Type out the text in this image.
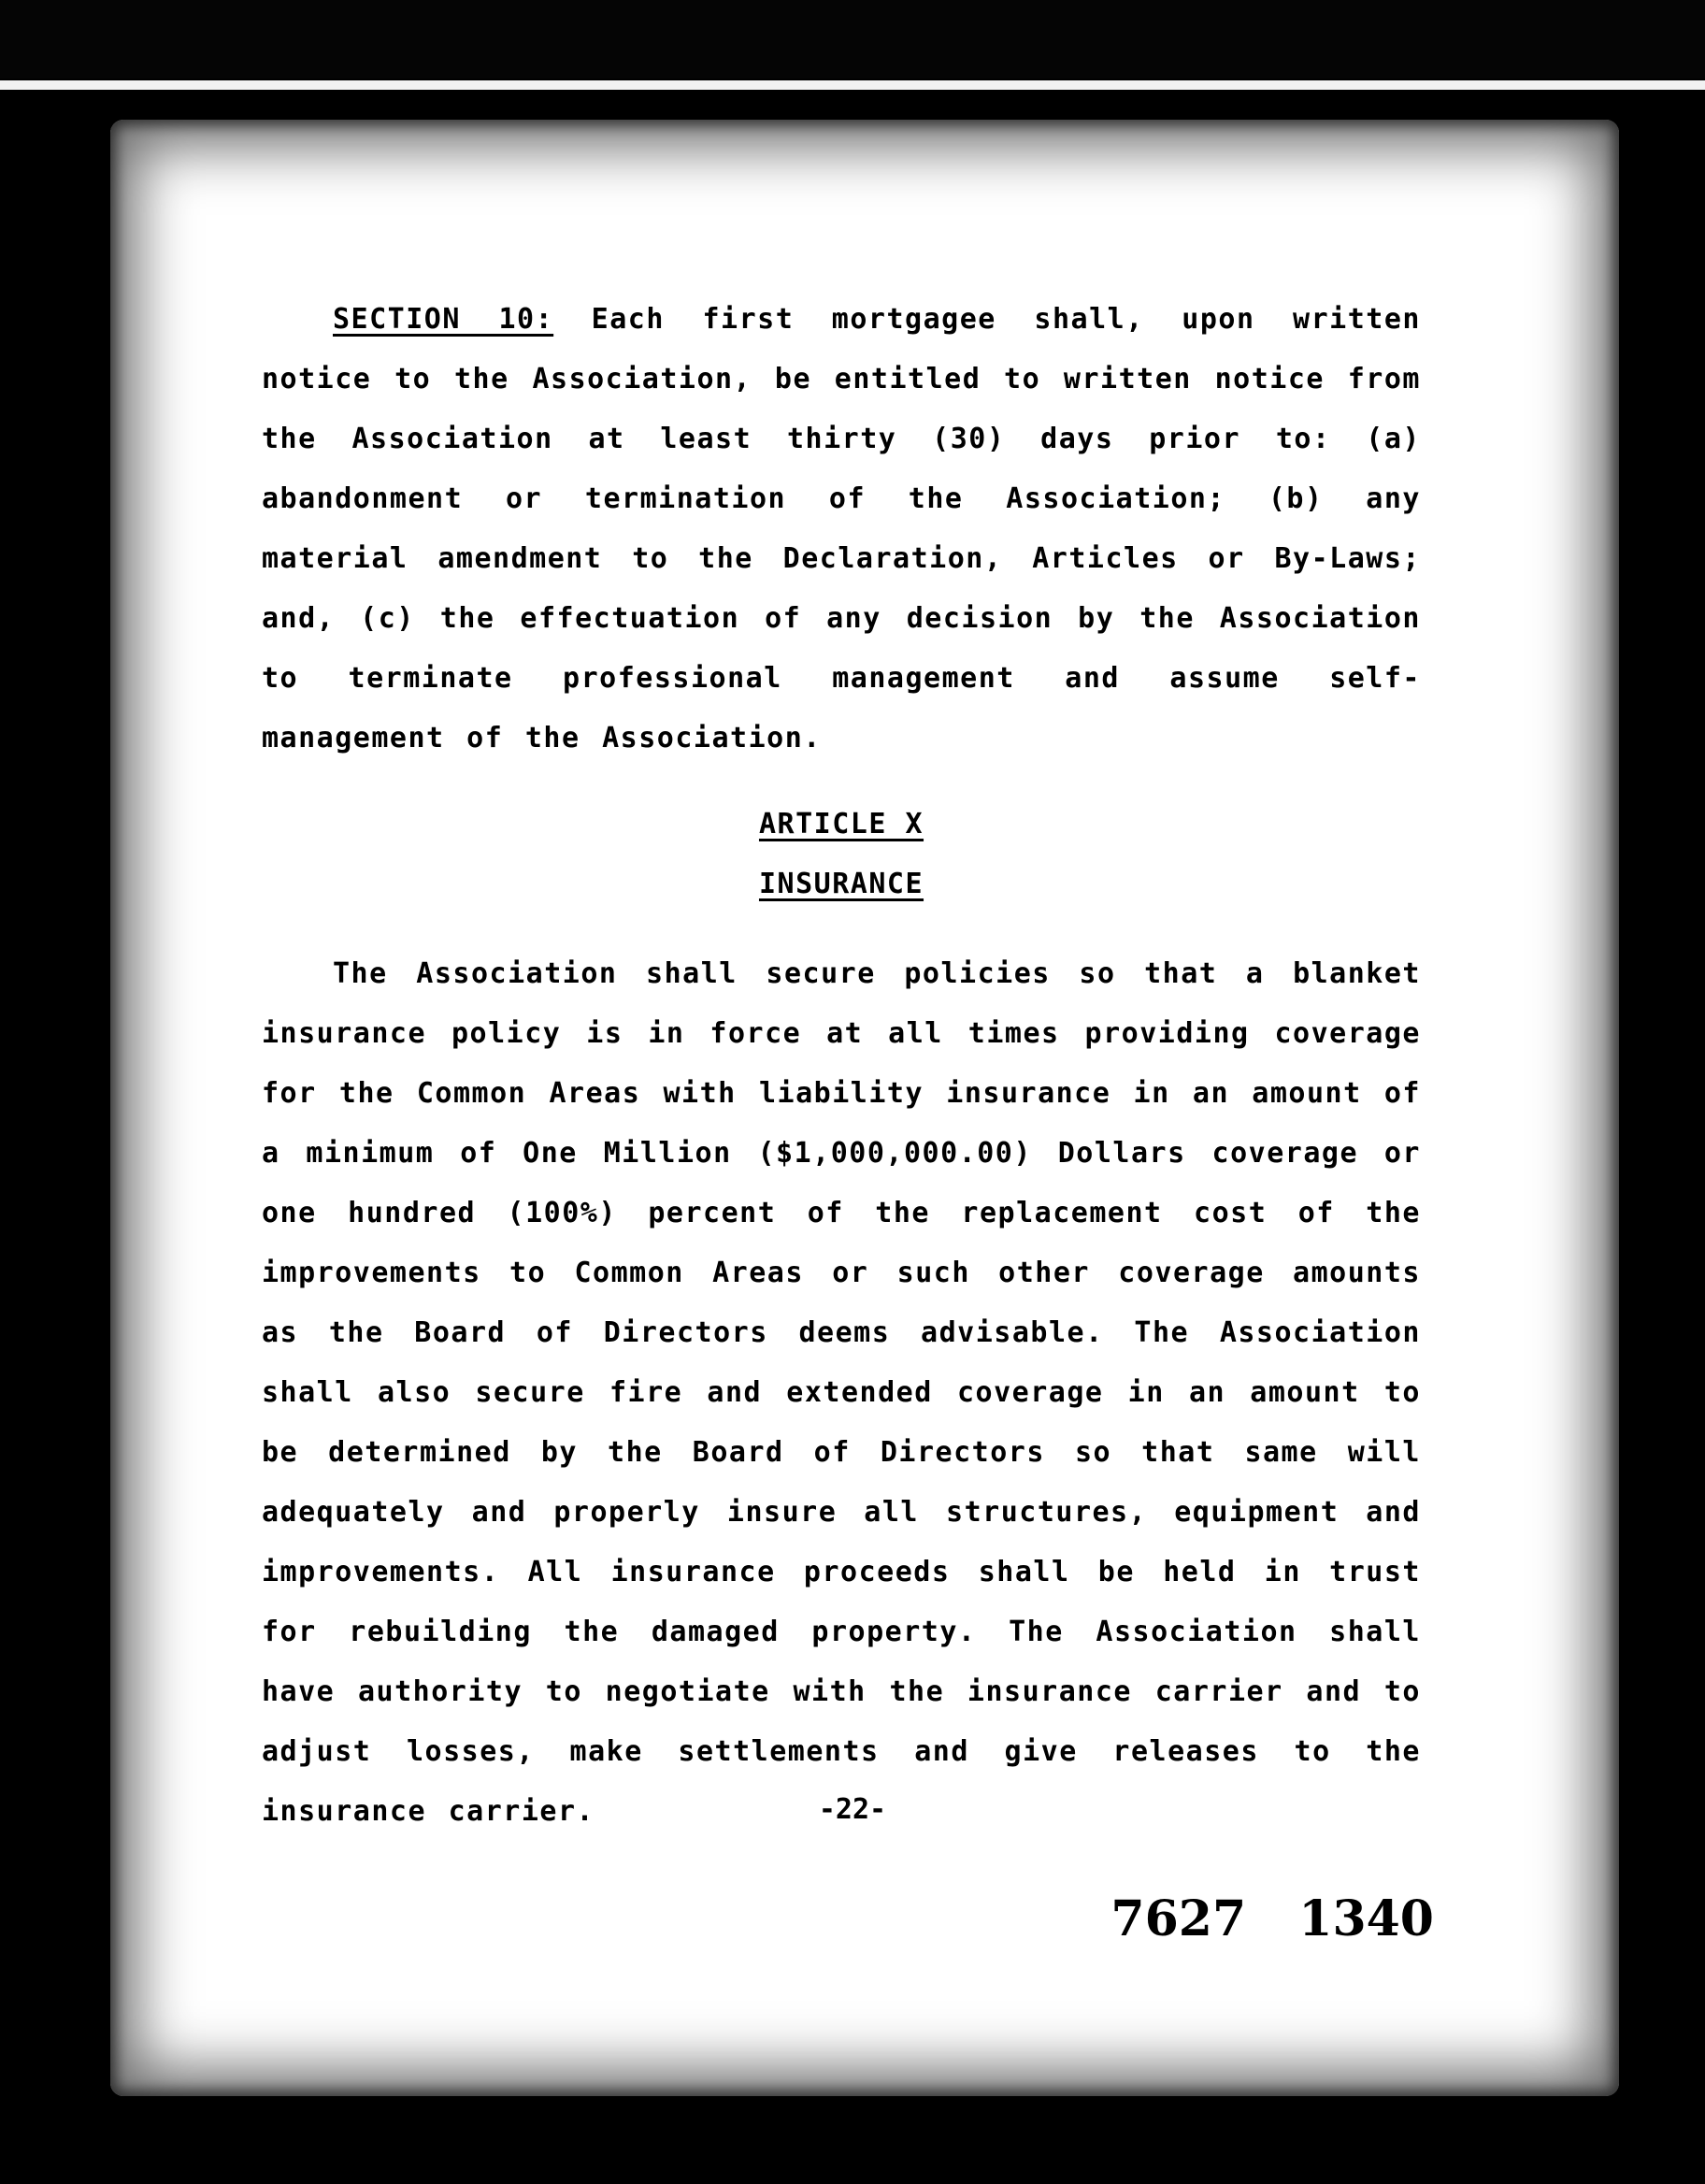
SECTION 10: Each first mortgagee shall, upon written notice to the Association, be entitled to written notice from the Association at least thirty (30) days prior to: (a) abandonment or termination of the Association; (b) any material amendment to the Declaration, Articles or By-Laws; and, (c) the effectuation of any decision by the Association to terminate professional management and assume self-management of the Association.

ARTICLE X

INSURANCE

The Association shall secure policies so that a blanket insurance policy is in force at all times providing coverage for the Common Areas with liability insurance in an amount of a minimum of One Million ($1,000,000.00) Dollars coverage or one hundred (100%) percent of the replacement cost of the improvements to Common Areas or such other coverage amounts as the Board of Directors deems advisable. The Association shall also secure fire and extended coverage in an amount to be determined by the Board of Directors so that same will adequately and properly insure all structures, equipment and improvements. All insurance proceeds shall be held in trust for rebuilding the damaged property. The Association shall have authority to negotiate with the insurance carrier and to adjust losses, make settlements and give releases to the insurance carrier.	-22-
7627 1340
